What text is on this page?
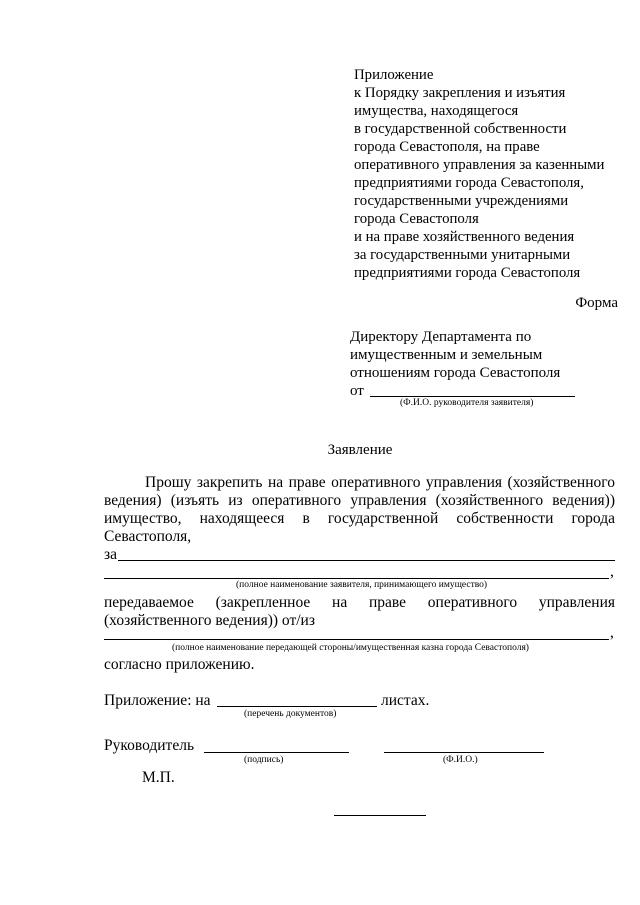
Приложение
к Порядку закрепления и изъятия
имущества, находящегося
в государственной собственности
города Севастополя, на праве
оперативного управления за казенными
предприятиями города Севастополя,
государственными учреждениями
города Севастополя
и на праве хозяйственного ведения
за государственными унитарными
предприятиями города Севастополя
Форма
Директору Департамента по
имущественным и земельным
отношениям города Севастополя
от
(Ф.И.О. руководителя заявителя)
Заявление
Прошу закрепить на праве оперативного управления (хозяйственного
ведения) (изъять из оперативного управления (хозяйственного ведения))
имущество, находящееся в государственной собственности города
Севастополя,
за
,
(полное наименование заявителя, принимающего имущество)
передаваемое (закрепленное на праве оперативного управления
(хозяйственного ведения)) от/из
,
(полное наименование передающей стороны/имущественная казна города Севастополя)
согласно приложению.
Приложение: на	листах.
(перечень документов)
Руководитель
(подпись)	(Ф.И.О.)
М.П.
